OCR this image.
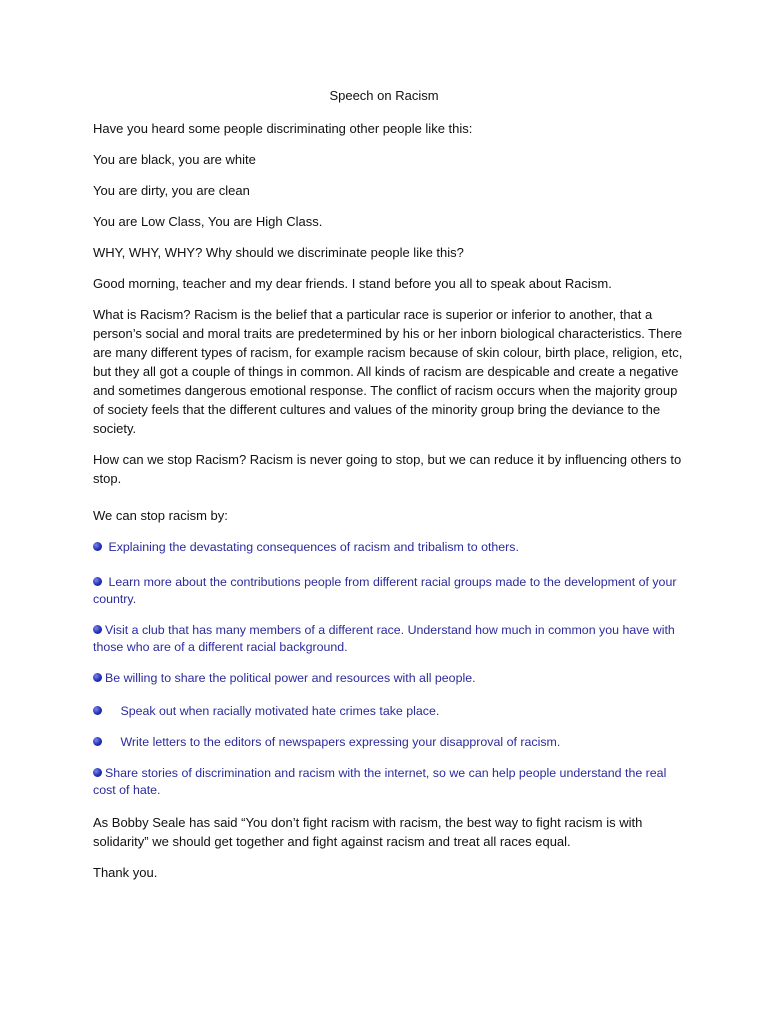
Speech on Racism

Have you heard some people discriminating other people like this:

You are black, you are white

You are dirty, you are clean

You are Low Class, You are High Class.

WHY, WHY, WHY? Why should we discriminate people like this?

Good morning, teacher and my dear friends. I stand before you all to speak about Racism.

What is Racism? Racism is the belief that a particular race is superior or inferior to another, that a person’s social and moral traits are predetermined by his or her inborn biological characteristics. There are many different types of racism, for example racism because of skin colour, birth place, religion, etc, but they all got a couple of things in common. All kinds of racism are despicable and create a negative and sometimes dangerous emotional response. The conflict of racism occurs when the majority group of society feels that the different cultures and values of the minority group bring the deviance to the society.

How can we stop Racism? Racism is never going to stop, but we can reduce it by influencing others to stop.

We can stop racism by:

Explaining the devastating consequences of racism and tribalism to others.
Learn more about the contributions people from different racial groups made to the development of your country.
Visit a club that has many members of a different race. Understand how much in common you have with those who are of a different racial background.
Be willing to share the political power and resources with all people.
Speak out when racially motivated hate crimes take place.
Write letters to the editors of newspapers expressing your disapproval of racism.
Share stories of discrimination and racism with the internet, so we can help people understand the real cost of hate.

As Bobby Seale has said “You don’t fight racism with racism, the best way to fight racism is with solidarity” we should get together and fight against racism and treat all races equal.

Thank you.
